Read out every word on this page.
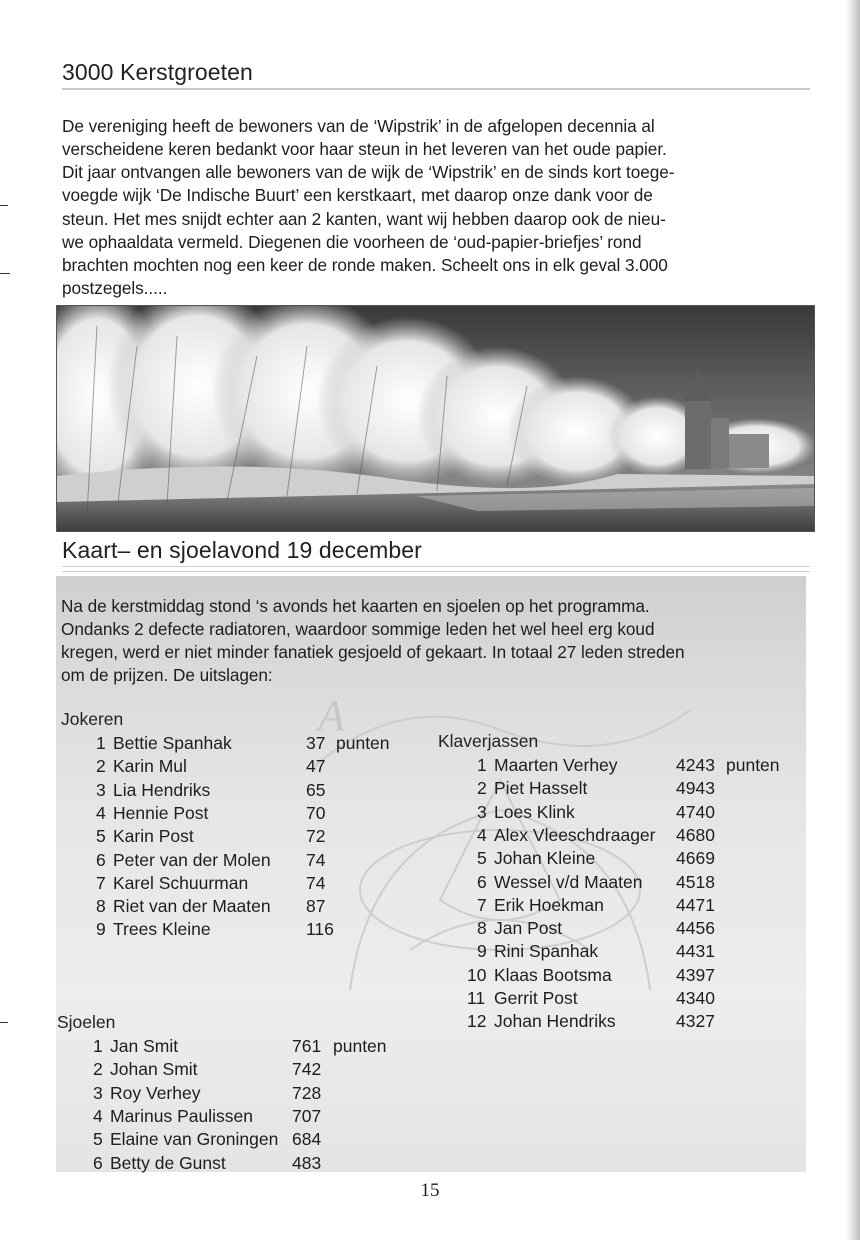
3000 Kerstgroeten

De vereniging heeft de bewoners van de ‘Wipstrik’ in de afgelopen decennia al

verscheidene keren bedankt voor haar steun in het leveren van het oude papier.

Dit jaar ontvangen alle bewoners van de wijk de ‘Wipstrik’ en de sinds kort toege-

voegde wijk ‘De Indische Buurt’ een kerstkaart, met daarop onze dank voor de

steun. Het mes snijdt echter aan 2 kanten, want wij hebben daarop ook de nieu-

we ophaaldata vermeld. Diegenen die voorheen de ‘oud-papier-briefjes’ rond

brachten mochten nog een keer de ronde maken. Scheelt ons in elk geval 3.000

postzegels.....

Kaart– en sjoelavond 19 december
A

Na de kerstmiddag stond ‘s avonds het kaarten en sjoelen op het programma.

Ondanks 2 defecte radiatoren, waardoor sommige leden het wel heel erg koud

kregen, werd er niet minder fanatiek gesjoeld of gekaart. In totaal 27 leden streden

om de prijzen. De uitslagen:

Jokeren
1 Bettie Spanhak	37 punten
2 Karin Mul	47
3 Lia Hendriks	65
4 Hennie Post	70
5 Karin Post	72
6 Peter van der Molen 74
7 Karel Schuurman	74
8 Riet van der Maaten 87
9 Trees Kleine	116
Klaverjassen
1 Maarten Verhey	4243 punten
2 Piet Hasselt	4943
3 Loes Klink	4740
4 Alex Vleeschdraager 4680
5 Johan Kleine	4669
6 Wessel v/d Maaten 4518
7 Erik Hoekman	4471
8 Jan Post	4456
9 Rini Spanhak	4431
10 Klaas Bootsma	4397
11 Gerrit Post	4340
12 Johan Hendriks	4327
Sjoelen
1 Jan Smit	761 punten
2 Johan Smit	742
3 Roy Verhey	728
4 Marinus Paulissen 707
5 Elaine van Groningen 684
6 Betty de Gunst	483
15
